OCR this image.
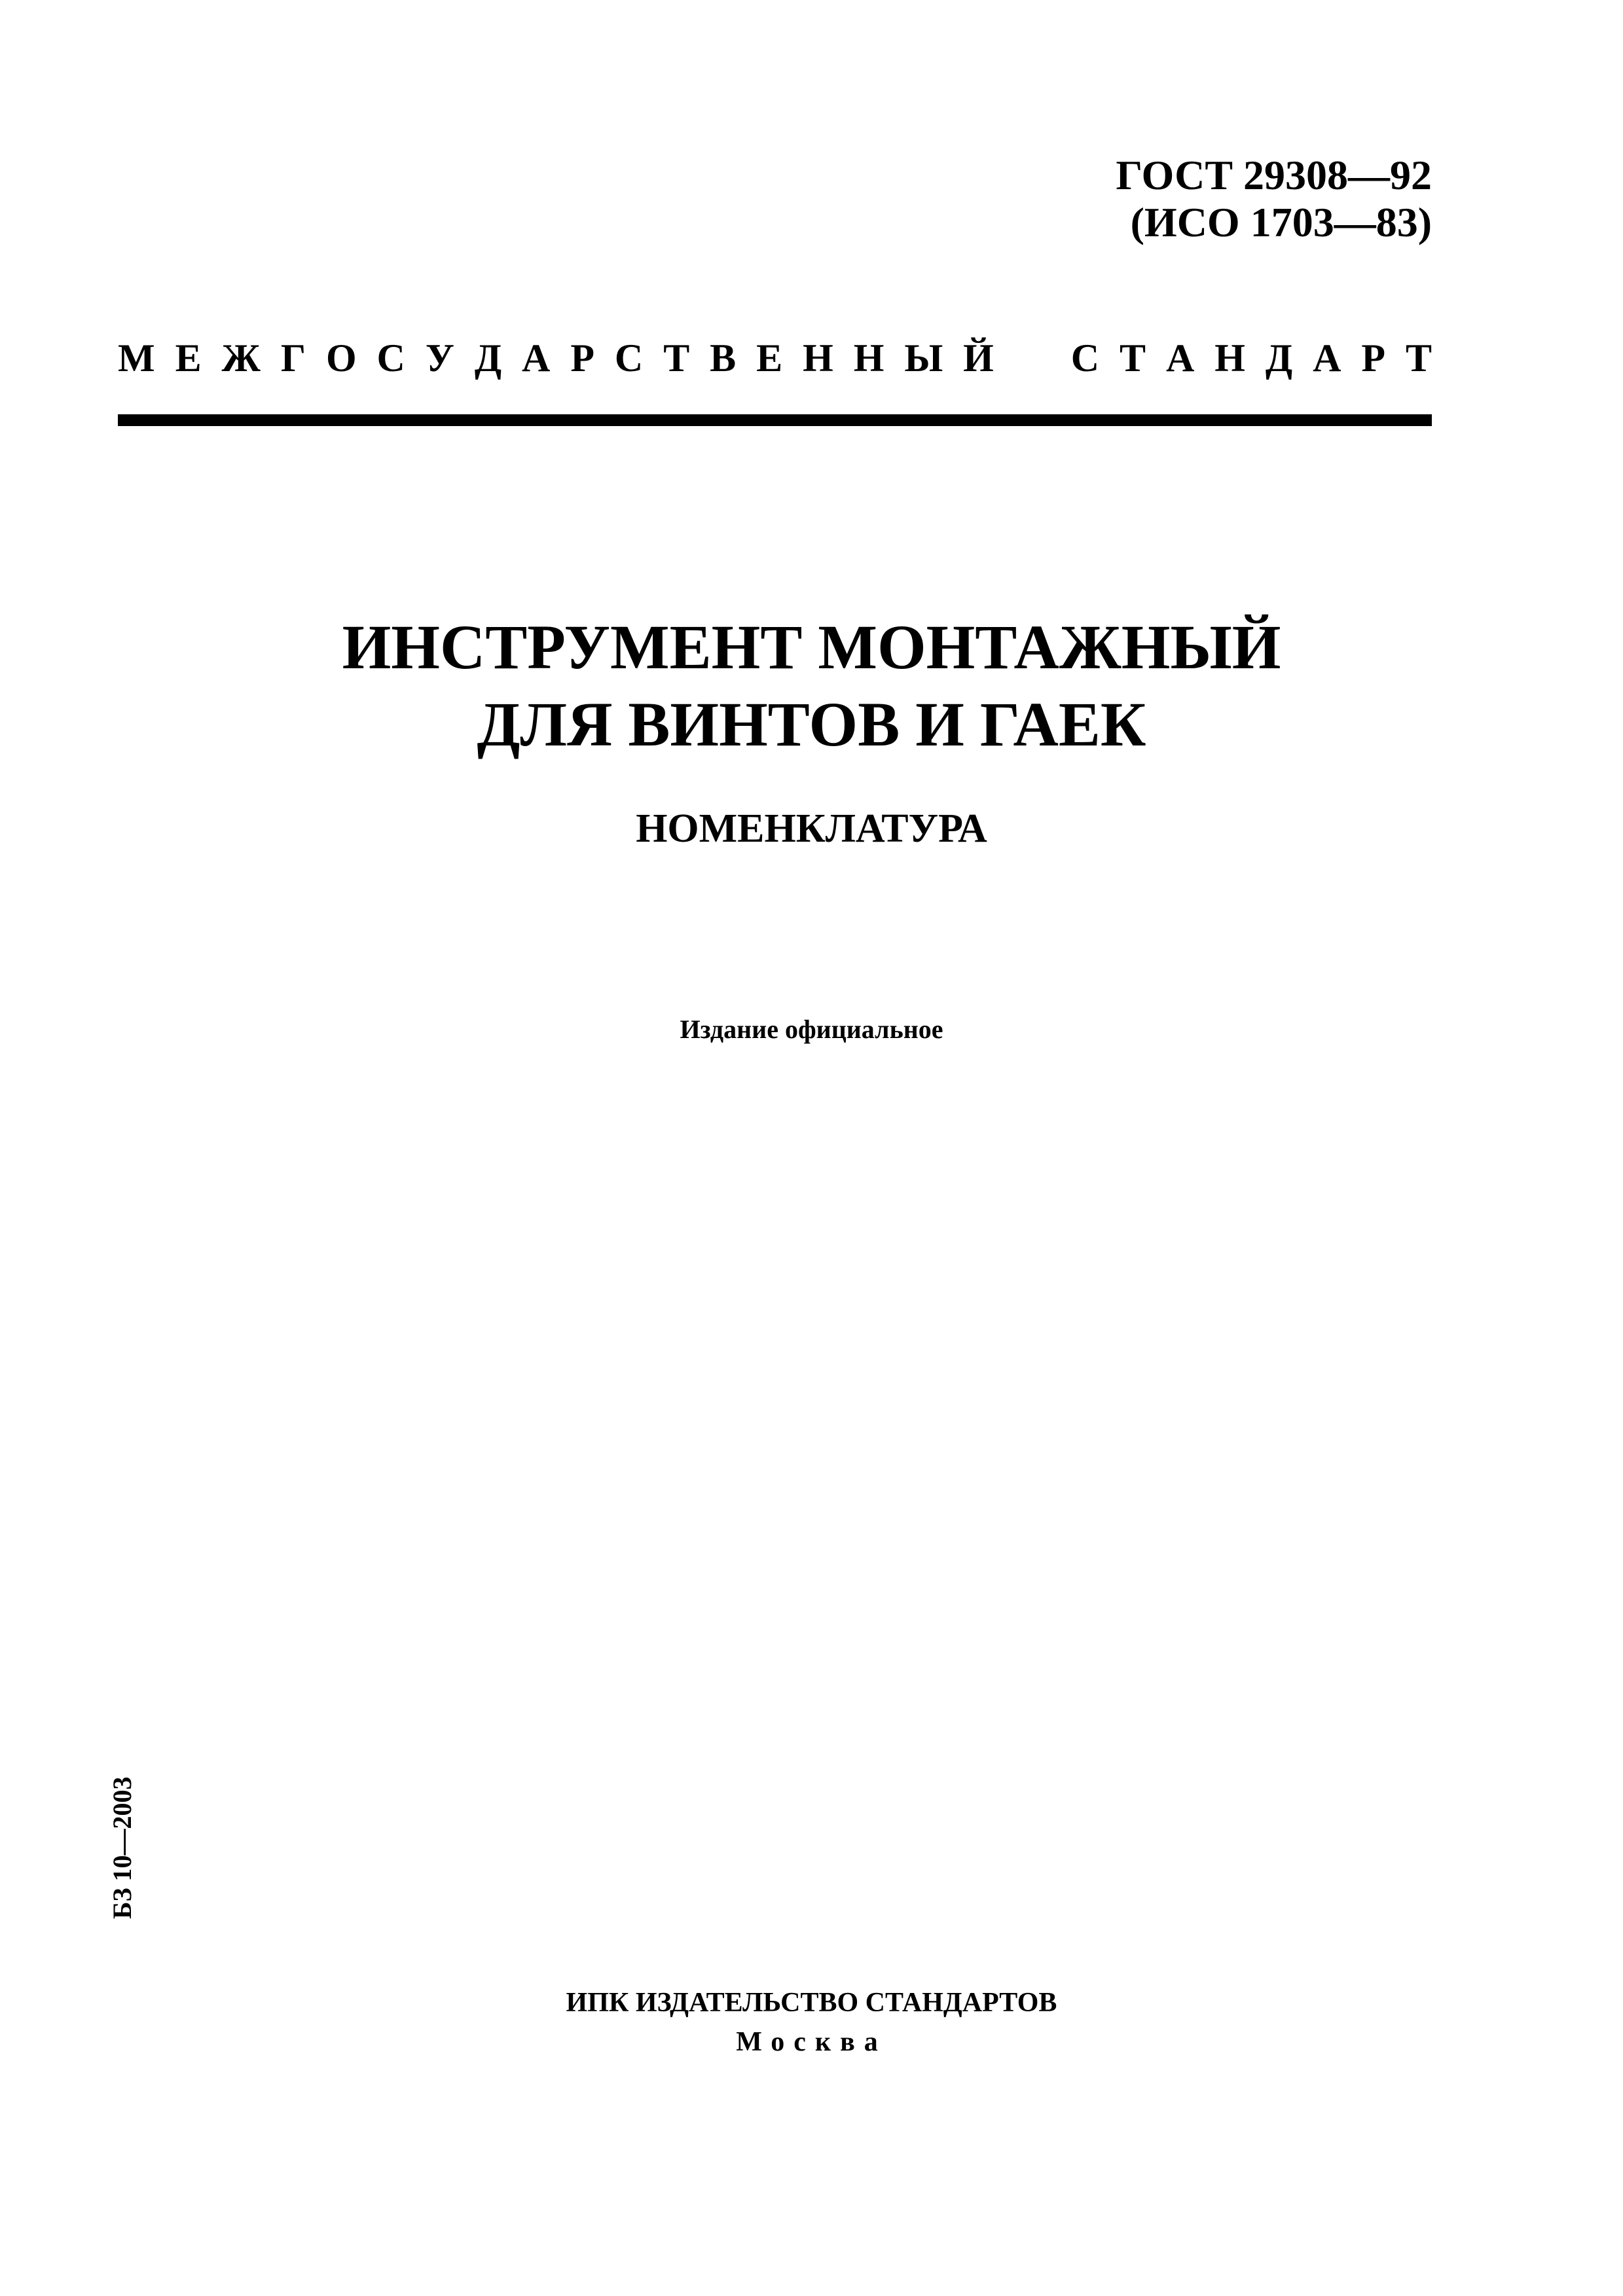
ГОСТ 29308—92
(ИСО 1703—83)
М Е Ж Г О С У Д А Р С Т В Е Н Н Ы Й С Т А Н Д А Р Т
ИНСТРУМЕНТ МОНТАЖНЫЙ
ДЛЯ ВИНТОВ И ГАЕК
НОМЕНКЛАТУРА
Издание официальное
БЗ 10—2003
ИПК ИЗДАТЕЛЬСТВО СТАНДАРТОВ
Москва
